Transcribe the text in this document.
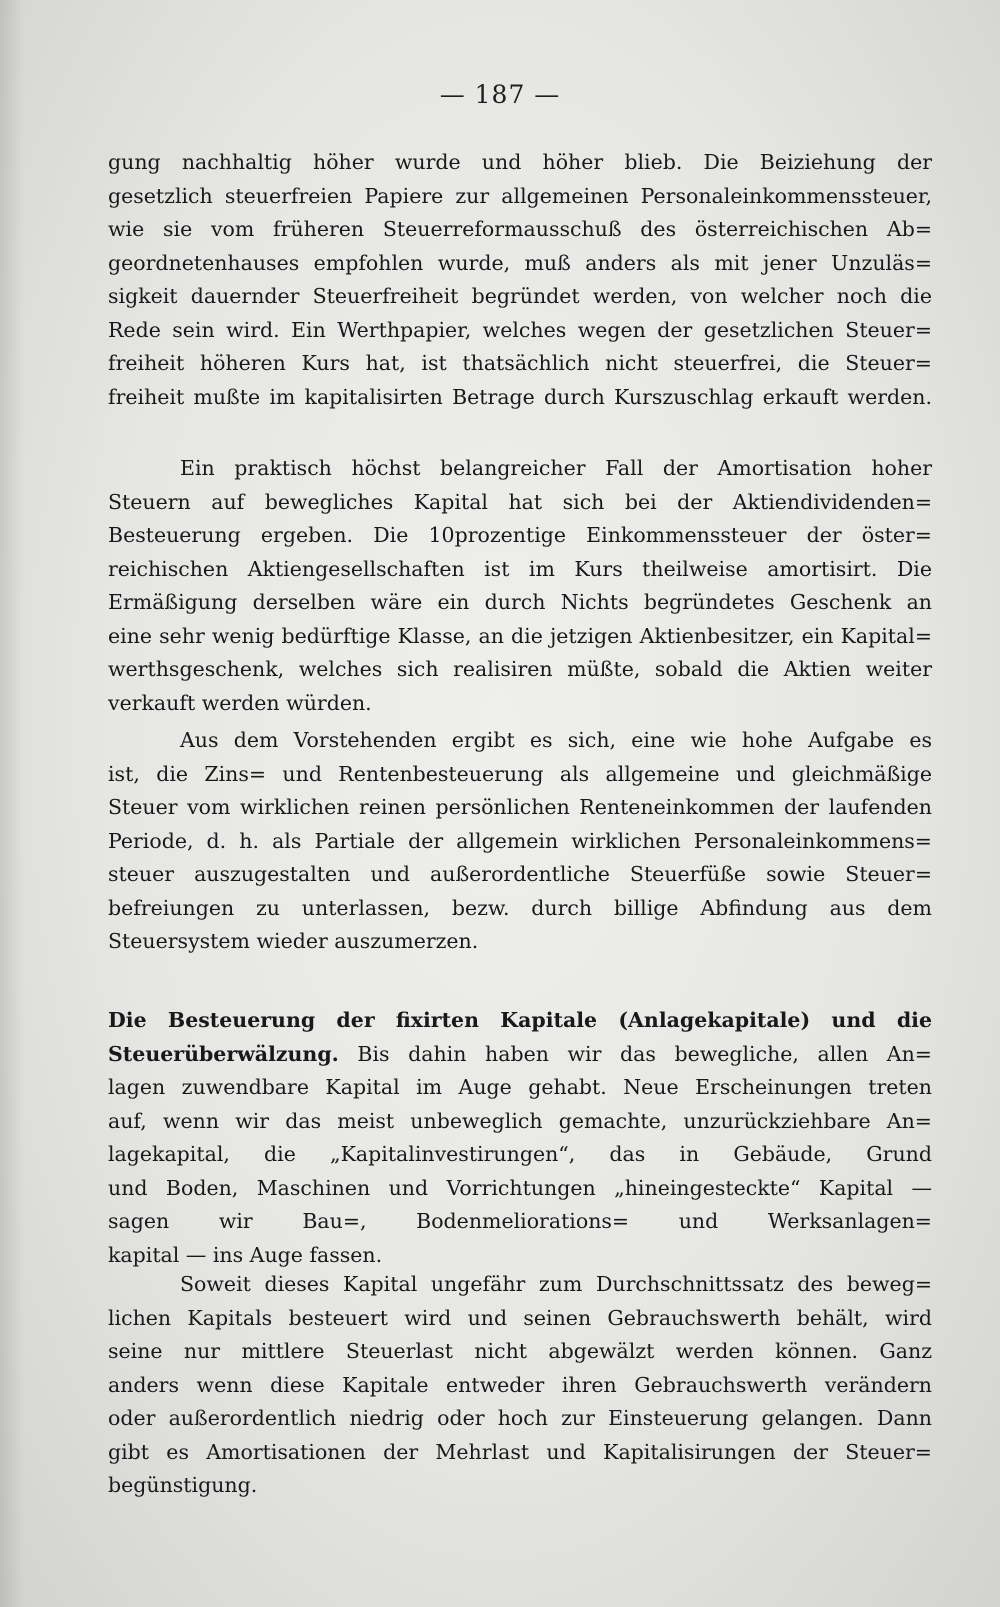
— 187 —
gung nachhaltig höher wurde und höher blieb. Die Beiziehung der
gesetzlich steuerfreien Papiere zur allgemeinen Personaleinkommenssteuer,
wie sie vom früheren Steuerreformausschuß des österreichischen Ab=
geordnetenhauses empfohlen wurde, muß anders als mit jener Unzuläs=
sigkeit dauernder Steuerfreiheit begründet werden, von welcher noch die
Rede sein wird. Ein Werthpapier, welches wegen der gesetzlichen Steuer=
freiheit höheren Kurs hat, ist thatsächlich nicht steuerfrei, die Steuer=
freiheit mußte im kapitalisirten Betrage durch Kurszuschlag erkauft werden.
Ein praktisch höchst belangreicher Fall der Amortisation hoher
Steuern auf bewegliches Kapital hat sich bei der Aktiendividenden=
Besteuerung ergeben. Die 10prozentige Einkommenssteuer der öster=
reichischen Aktiengesellschaften ist im Kurs theilweise amortisirt. Die
Ermäßigung derselben wäre ein durch Nichts begründetes Geschenk an
eine sehr wenig bedürftige Klasse, an die jetzigen Aktienbesitzer, ein Kapital=
werthsgeschenk, welches sich realisiren müßte, sobald die Aktien weiter
verkauft werden würden.
Aus dem Vorstehenden ergibt es sich, eine wie hohe Aufgabe es
ist, die Zins= und Rentenbesteuerung als allgemeine und gleichmäßige
Steuer vom wirklichen reinen persönlichen Renteneinkommen der laufenden
Periode, d. h. als Partiale der allgemein wirklichen Personaleinkommens=
steuer auszugestalten und außerordentliche Steuerfüße sowie Steuer=
befreiungen zu unterlassen, bezw. durch billige Abfindung aus dem
Steuersystem wieder auszumerzen.
Die Besteuerung der fixirten Kapitale (Anlagekapitale) und die
Steuerüberwälzung. Bis dahin haben wir das bewegliche, allen An=
lagen zuwendbare Kapital im Auge gehabt. Neue Erscheinungen treten
auf, wenn wir das meist unbeweglich gemachte, unzurückziehbare An=
lagekapital, die „Kapitalinvestirungen“, das in Gebäude, Grund
und Boden, Maschinen und Vorrichtungen „hineingesteckte“ Kapital —
sagen wir Bau=, Bodenmeliorations= und Werksanlagen=
kapital — ins Auge fassen.
Soweit dieses Kapital ungefähr zum Durchschnittssatz des beweg=
lichen Kapitals besteuert wird und seinen Gebrauchswerth behält, wird
seine nur mittlere Steuerlast nicht abgewälzt werden können. Ganz
anders wenn diese Kapitale entweder ihren Gebrauchswerth verändern
oder außerordentlich niedrig oder hoch zur Einsteuerung gelangen. Dann
gibt es Amortisationen der Mehrlast und Kapitalisirungen der Steuer=
begünstigung.
